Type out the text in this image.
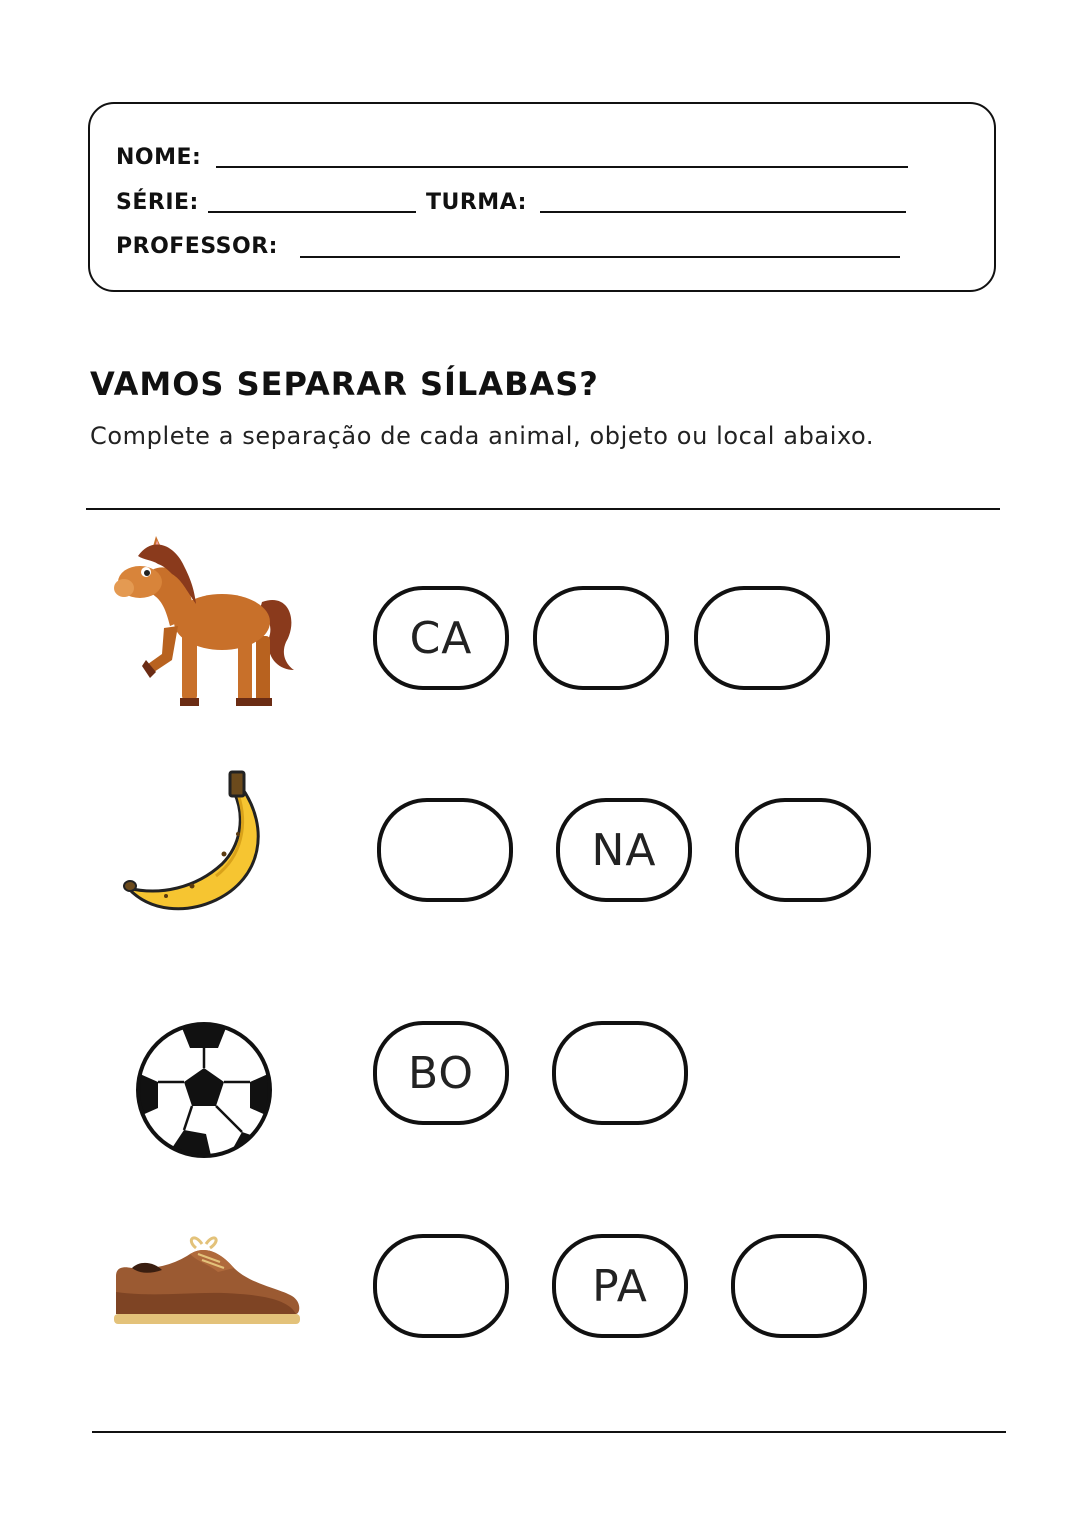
NOME:
SÉRIE:	TURMA:
PROFESSOR:
VAMOS SEPARAR SÍLABAS?
Complete a separação de cada animal, objeto ou local abaixo.
CA
NA
BO
PA
